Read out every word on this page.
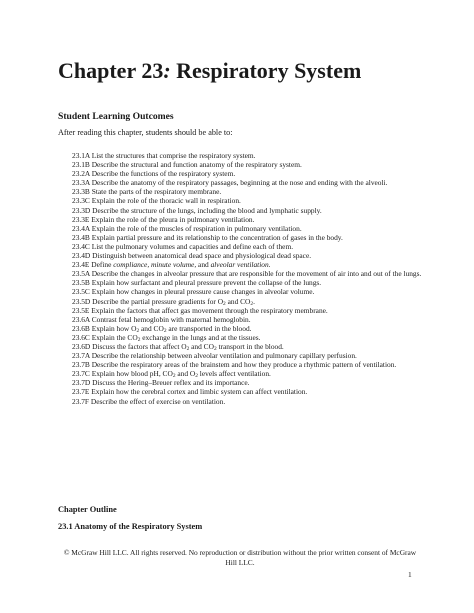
Chapter 23: Respiratory System
Student Learning Outcomes

After reading this chapter, students should be able to:

23.1A List the structures that comprise the respiratory system.
23.1B Describe the structural and function anatomy of the respiratory system.
23.2A Describe the functions of the respiratory system.
23.3A Describe the anatomy of the respiratory passages, beginning at the nose and ending with the alveoli.
23.3B State the parts of the respiratory membrane.
23.3C Explain the role of the thoracic wall in respiration.
23.3D Describe the structure of the lungs, including the blood and lymphatic supply.
23.3E Explain the role of the pleura in pulmonary ventilation.
23.4A Explain the role of the muscles of respiration in pulmonary ventilation.
23.4B Explain partial pressure and its relationship to the concentration of gases in the body.
23.4C List the pulmonary volumes and capacities and define each of them.
23.4D Distinguish between anatomical dead space and physiological dead space.
23.4E Define compliance, minute volume, and alveolar ventilation.
23.5A Describe the changes in alveolar pressure that are responsible for the movement of air into and out of the lungs.
23.5B Explain how surfactant and pleural pressure prevent the collapse of the lungs.
23.5C Explain how changes in pleural pressure cause changes in alveolar volume.
23.5D Describe the partial pressure gradients for $O_2$ and $CO_2$.
23.5E Explain the factors that affect gas movement through the respiratory membrane.
23.6A Contrast fetal hemoglobin with maternal hemoglobin.
23.6B Explain how $O_2$ and $CO_2$ are transported in the blood.
23.6C Explain the $CO_2$ exchange in the lungs and at the tissues.
23.6D Discuss the factors that affect $O_2$ and $CO_2$ transport in the blood.
23.7A Describe the relationship between alveolar ventilation and pulmonary capillary perfusion.
23.7B Describe the respiratory areas of the brainstem and how they produce a rhythmic pattern of ventilation.
23.7C Explain how blood pH, $CO_2$ and $O_2$ levels affect ventilation.
23.7D Discuss the Hering–Breuer reflex and its importance.
23.7E Explain how the cerebral cortex and limbic system can affect ventilation.
23.7F Describe the effect of exercise on ventilation.
Chapter Outline
23.1 Anatomy of the Respiratory System

© McGraw Hill LLC. All rights reserved. No reproduction or distribution without the prior written consent of McGraw Hill LLC.

1
